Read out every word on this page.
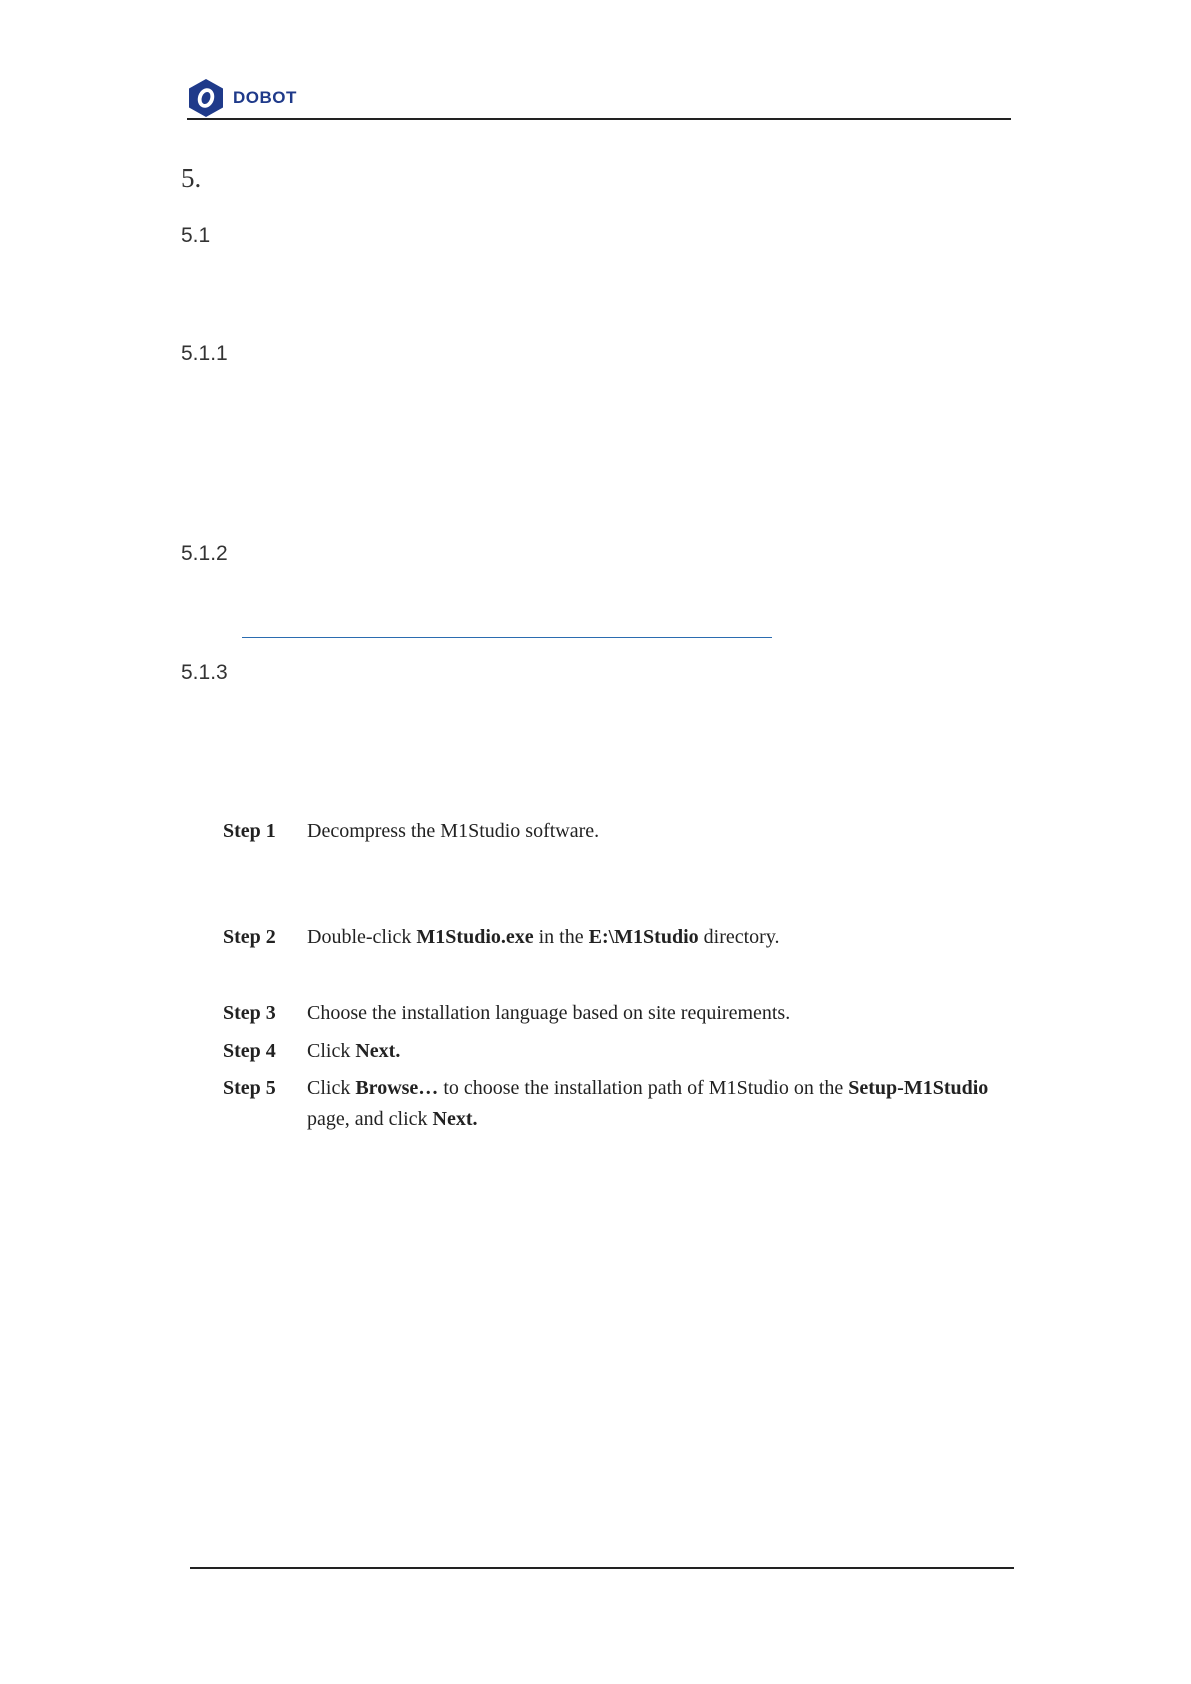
DOBOT
5.
5.1
5.1.1
5.1.2
5.1.3
Step 1	Decompress the M1Studio software.
Step 2	Double-click M1Studio.exe in the E:\M1Studio directory.
Step 3	Choose the installation language based on site requirements.
Step 4	Click Next.
Step 5	Click Browse… to choose the installation path of M1Studio on the Setup-M1Studio
page, and click Next.
